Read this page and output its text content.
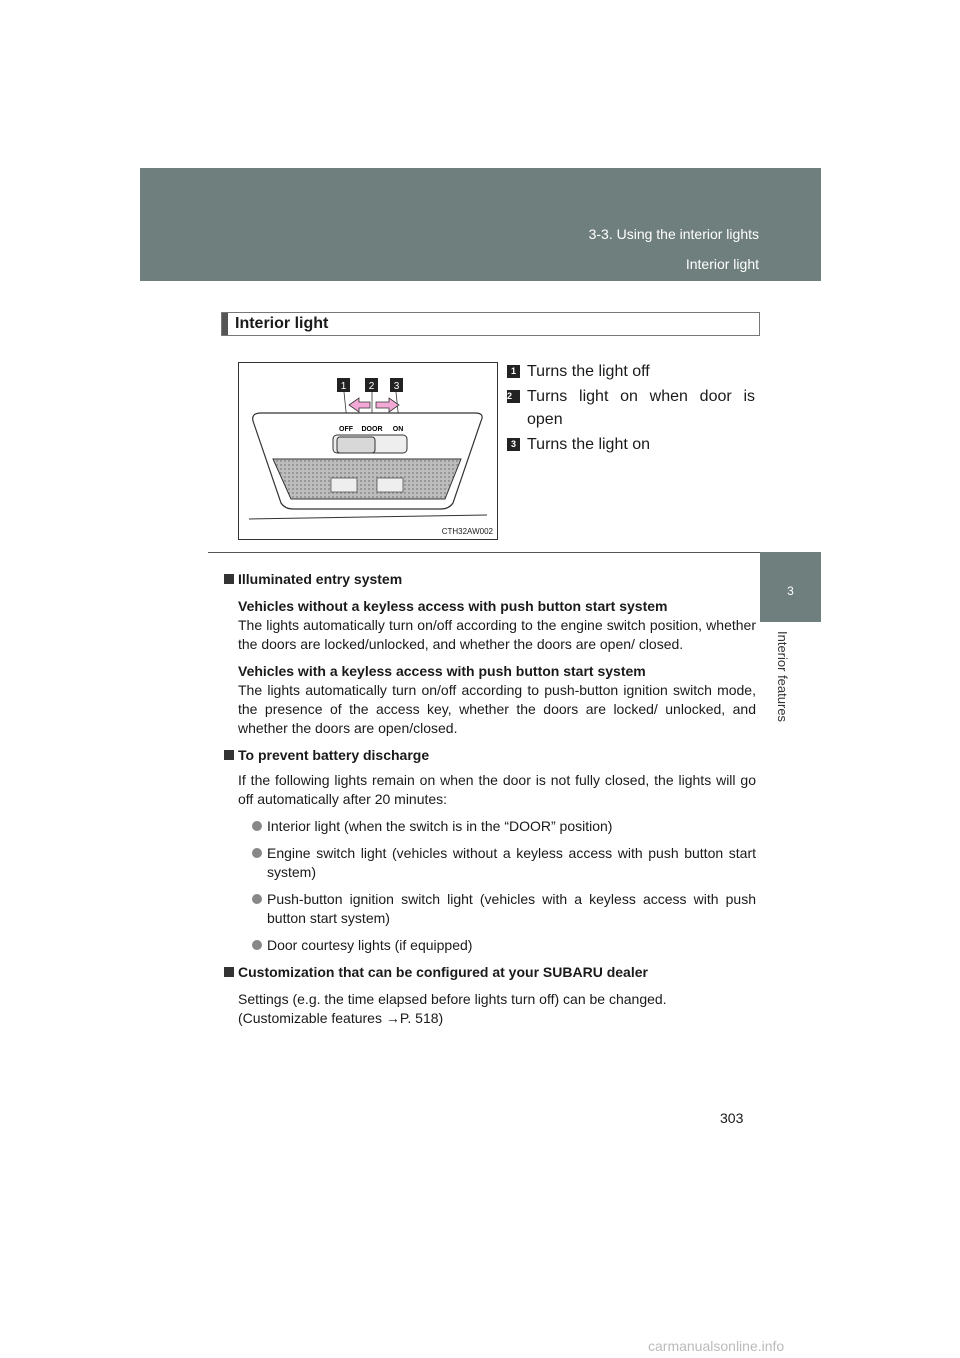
3-3. Using the interior lights
Interior light
3
Interior features
Interior light
1 2 3
OFF DOOR ON
CTH32AW002
1 Turns the light off
2 Turns light on when door is open
3 Turns the light on

Illuminated entry system

Vehicles without a keyless access with push button start system

The lights automatically turn on/off according to the engine switch position, whether the doors are locked/unlocked, and whether the doors are open/ closed.

Vehicles with a keyless access with push button start system

The lights automatically turn on/off according to push-button ignition switch mode, the presence of the access key, whether the doors are locked/ unlocked, and whether the doors are open/closed.

To prevent battery discharge

If the following lights remain on when the door is not fully closed, the lights will go off automatically after 20 minutes:

Interior light (when the switch is in the “DOOR” position)
Engine switch light (vehicles without a keyless access with push button start system)
Push-button ignition switch light (vehicles with a keyless access with push button start system)
Door courtesy lights (if equipped)

Customization that can be configured at your SUBARU dealer

Settings (e.g. the time elapsed before lights turn off) can be changed.

(Customizable features →P. 518)

303
carmanualsonline.info
